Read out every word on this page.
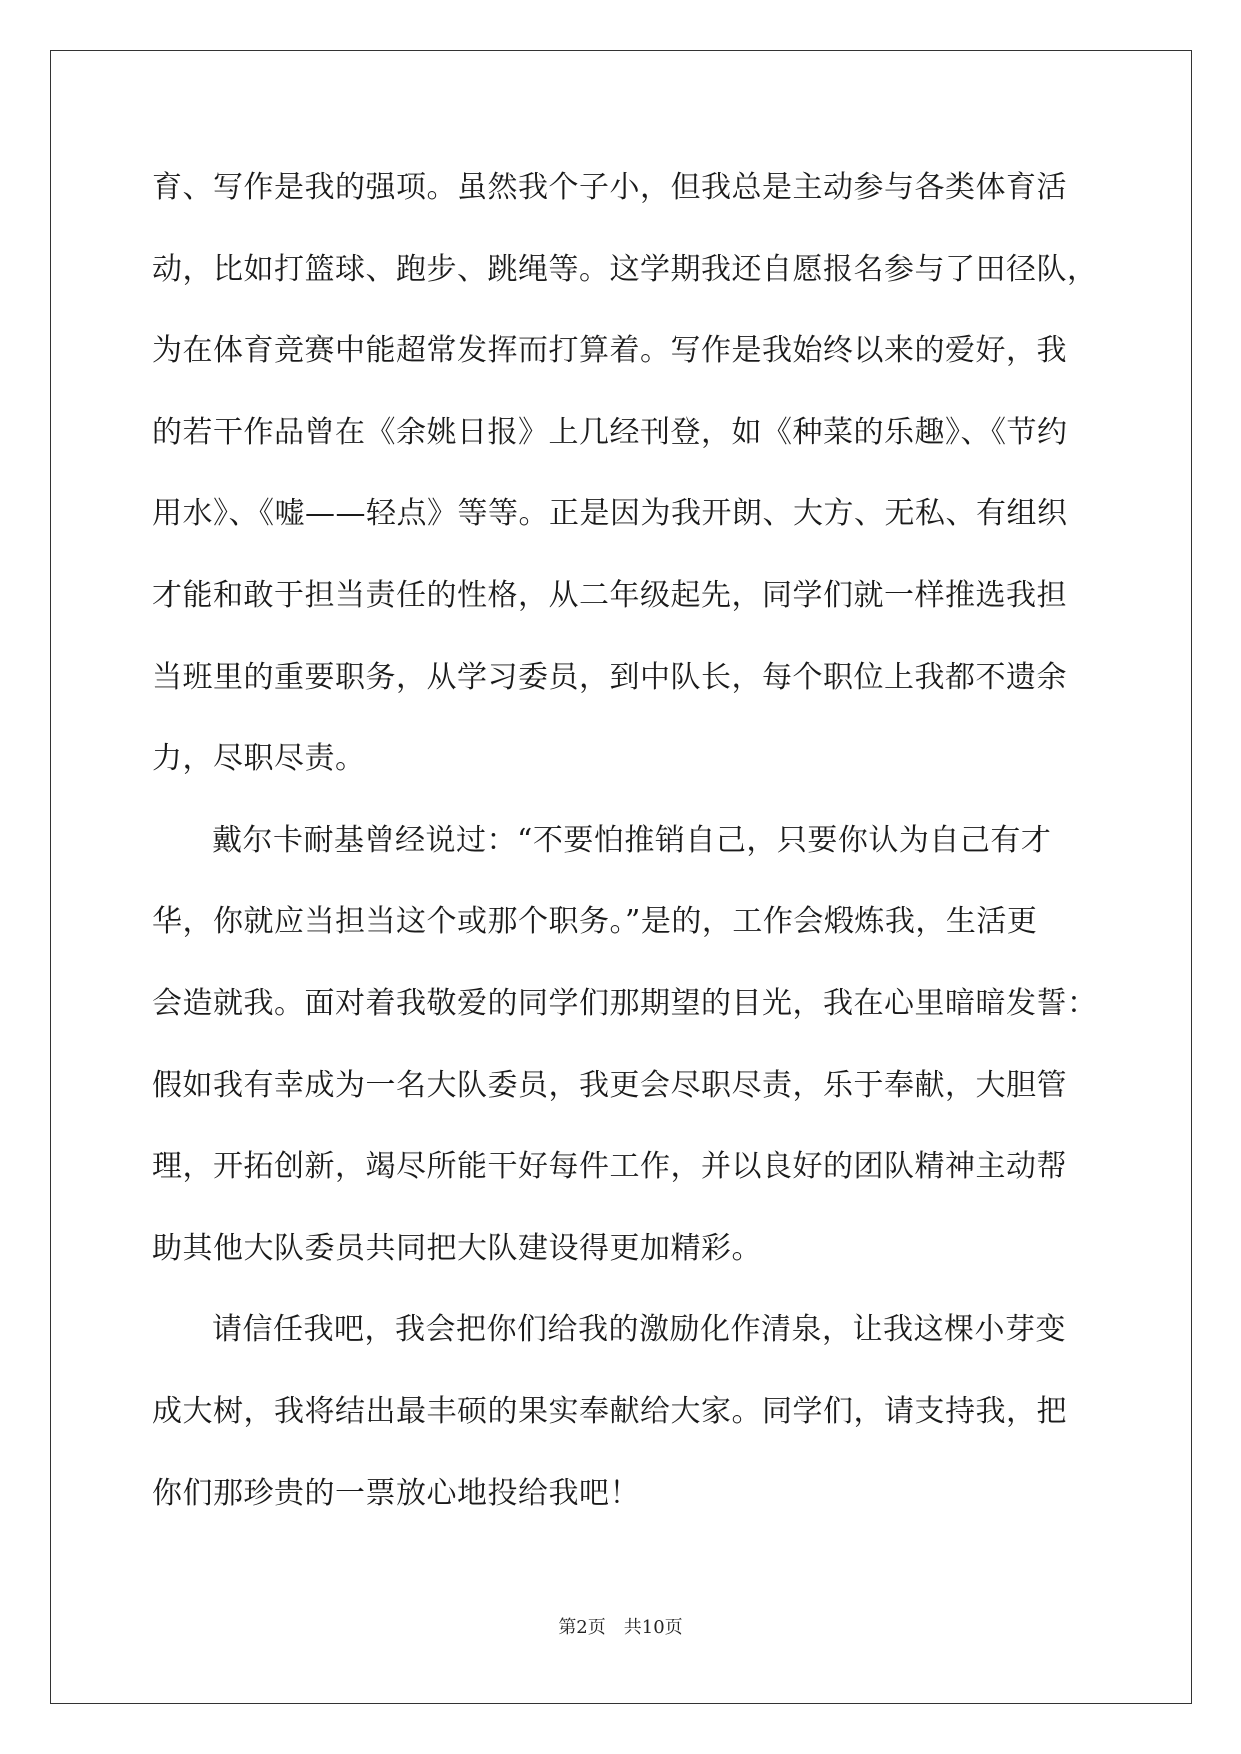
育、写作是我的强项。虽然我个子小，但我总是主动参与各类体育活
动，比如打篮球、跑步、跳绳等。这学期我还自愿报名参与了田径队，
为在体育竞赛中能超常发挥而打算着。写作是我始终以来的爱好，我
的若干作品曾在《余姚日报》上几经刊登，如《种菜的乐趣》、《节约
用水》、《嘘——轻点》等等。正是因为我开朗、大方、无私、有组织
才能和敢于担当责任的性格，从二年级起先，同学们就一样推选我担
当班里的重要职务，从学习委员，到中队长，每个职位上我都不遗余
力，尽职尽责。
戴尔卡耐基曾经说过：“不要怕推销自己，只要你认为自己有才
华，你就应当担当这个或那个职务。”是的，工作会煅炼我，生活更
会造就我。面对着我敬爱的同学们那期望的目光，我在心里暗暗发誓：
假如我有幸成为一名大队委员，我更会尽职尽责，乐于奉献，大胆管
理，开拓创新，竭尽所能干好每件工作，并以良好的团队精神主动帮
助其他大队委员共同把大队建设得更加精彩。
请信任我吧，我会把你们给我的激励化作清泉，让我这棵小芽变
成大树，我将结出最丰硕的果实奉献给大家。同学们，请支持我，把
你们那珍贵的一票放心地投给我吧！
第2页　共10页
